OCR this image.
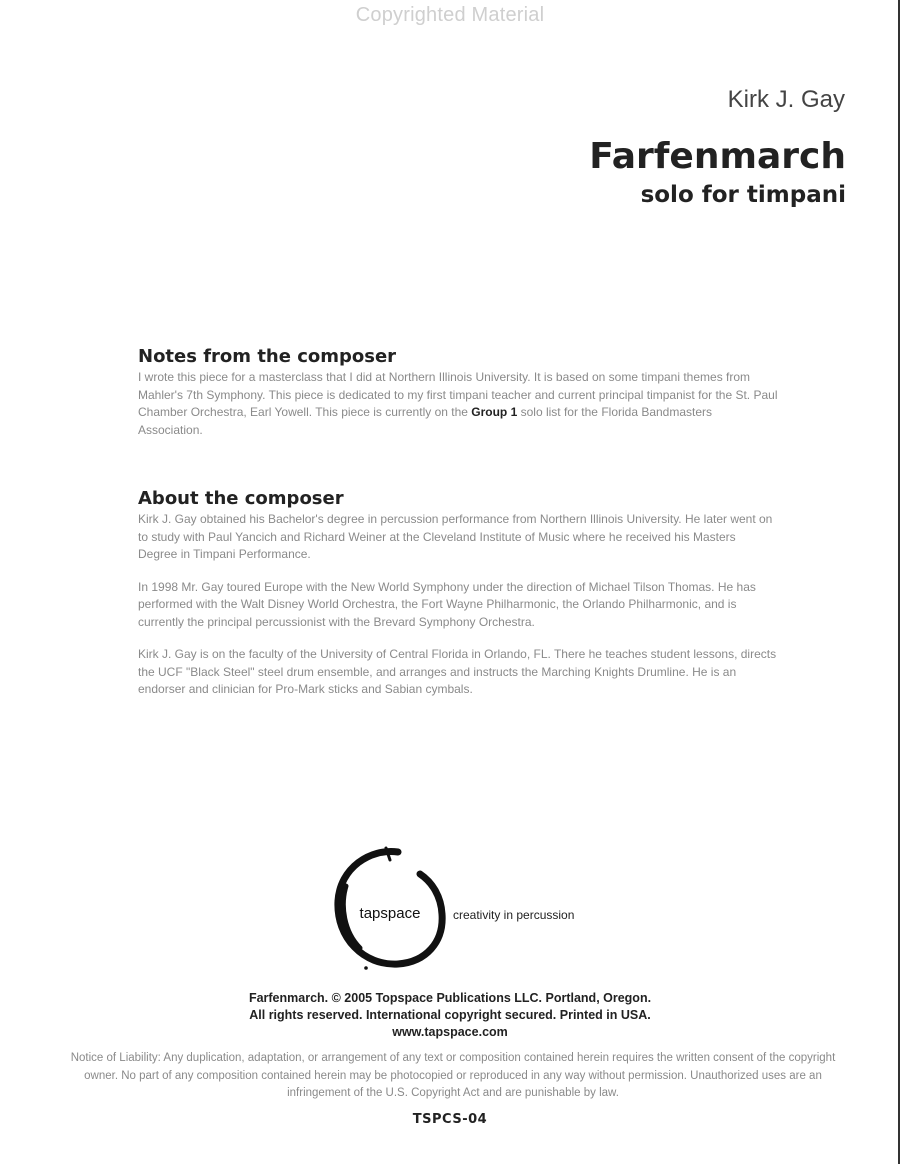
Copyrighted Material
Kirk J. Gay
Farfenmarch
solo for timpani
Notes from the composer

I wrote this piece for a masterclass that I did at Northern Illinois University. It is based on some timpani themes from Mahler's 7th Symphony. This piece is dedicated to my first timpani teacher and current principal timpanist for the St. Paul Chamber Orchestra, Earl Yowell. This piece is currently on the Group 1 solo list for the Florida Bandmasters Association.

About the composer

Kirk J. Gay obtained his Bachelor's degree in percussion performance from Northern Illinois University. He later went on to study with Paul Yancich and Richard Weiner at the Cleveland Institute of Music where he received his Masters Degree in Timpani Performance.

In 1998 Mr. Gay toured Europe with the New World Symphony under the direction of Michael Tilson Thomas. He has performed with the Walt Disney World Orchestra, the Fort Wayne Philharmonic, the Orlando Philharmonic, and is currently the principal percussionist with the Brevard Symphony Orchestra.

Kirk J. Gay is on the faculty of the University of Central Florida in Orlando, FL. There he teaches student lessons, directs the UCF "Black Steel" steel drum ensemble, and arranges and instructs the Marching Knights Drumline. He is an endorser and clinician for Pro-Mark sticks and Sabian cymbals.

tapspace	creativity in percussion
Farfenmarch. © 2005 Topspace Publications LLC. Portland, Oregon.
All rights reserved. International copyright secured. Printed in USA.
www.tapspace.com
Notice of Liability: Any duplication, adaptation, or arrangement of any text or composition contained herein requires the written consent of the copyright owner. No part of any composition contained herein may be photocopied or reproduced in any way without permission. Unauthorized uses are an infringement of the U.S. Copyright Act and are punishable by law.
TSPCS-04
